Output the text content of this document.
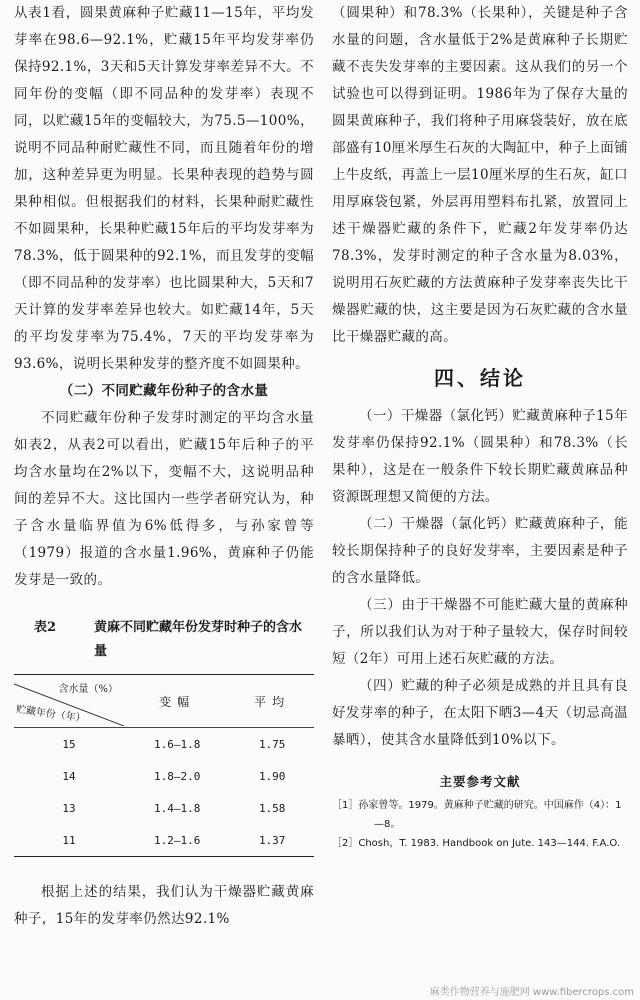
从表1看，圆果黄麻种子贮藏11—15年，平均发芽率在98.6—92.1%，贮藏15年平均发芽率仍保持92.1%，3天和5天计算发芽率差异不大。不同年份的变幅（即不同品种的发芽率）表现不同，以贮藏15年的变幅较大，为75.5—100%，说明不同品种耐贮藏性不同，而且随着年份的增加，这种差异更为明显。长果种表现的趋势与圆果种相似。但根据我们的材料，长果种耐贮藏性不如圆果种，长果种贮藏15年后的平均发芽率为78.3%，低于圆果种的92.1%，而且发芽的变幅（即不同品种的发芽率）也比圆果种大，5天和7天计算的发芽率差异也较大。如贮藏14年，5天的平均发芽率为75.4%，7天的平均发芽率为93.6%，说明长果种发芽的整齐度不如圆果种。

（二）不同贮藏年份种子的含水量

不同贮藏年份种子发芽时测定的平均含水量如表2，从表2可以看出，贮藏15年后种子的平均含水量均在2%以下，变幅不大，这说明品种间的差异不大。这比国内一些学者研究认为，种子含水量临界值为6%低得多，与孙家曾等（1979）报道的含水量1.96%，黄麻种子仍能发芽是一致的。

表2	黄麻不同贮藏年份发芽时种子的含水量

含水量（%）
贮藏年份（年）	变幅	平均
15	1.6—1.8	1.75
14	1.8—2.0	1.90
13	1.4—1.8	1.58
11	1.2—1.6	1.37

根据上述的结果，我们认为干燥器贮藏黄麻种子，15年的发芽率仍然达92.1%

（圆果种）和78.3%（长果种），关键是种子含水量的问题，含水量低于2%是黄麻种子长期贮藏不丧失发芽率的主要因素。这从我们的另一个试验也可以得到证明。1986年为了保存大量的圆果黄麻种子，我们将种子用麻袋装好，放在底部盛有10厘米厚生石灰的大陶缸中，种子上面铺上牛皮纸，再盖上一层10厘米厚的生石灰，缸口用厚麻袋包紧，外层再用塑料布扎紧，放置同上述干燥器贮藏的条件下，贮藏2年发芽率仍达78.3%，发芽时测定的种子含水量为8.03%，说明用石灰贮藏的方法黄麻种子发芽率丧失比干燥器贮藏的快，这主要是因为石灰贮藏的含水量比干燥器贮藏的高。

四、结论

（一）干燥器（氯化钙）贮藏黄麻种子15年发芽率仍保持92.1%（圆果种）和78.3%（长果种），这是在一般条件下较长期贮藏黄麻品种资源既理想又简便的方法。

（二）干燥器（氯化钙）贮藏黄麻种子，能较长期保持种子的良好发芽率，主要因素是种子的含水量降低。

（三）由于干燥器不可能贮藏大量的黄麻种子，所以我们认为对于种子量较大，保存时间较短（2年）可用上述石灰贮藏的方法。

（四）贮藏的种子必须是成熟的并且具有良好发芽率的种子，在太阳下晒3—4天（切忌高温暴晒），使其含水量降低到10%以下。

主要参考文献

［1］孙家曾等。1979。黄麻种子贮藏的研究。中国麻作（4）：1—8。

［2］Chosh，T. 1983. Handbook on Jute. 143—144. F.A.O.

麻类作物营养与施肥网 www.fibercrops.com
